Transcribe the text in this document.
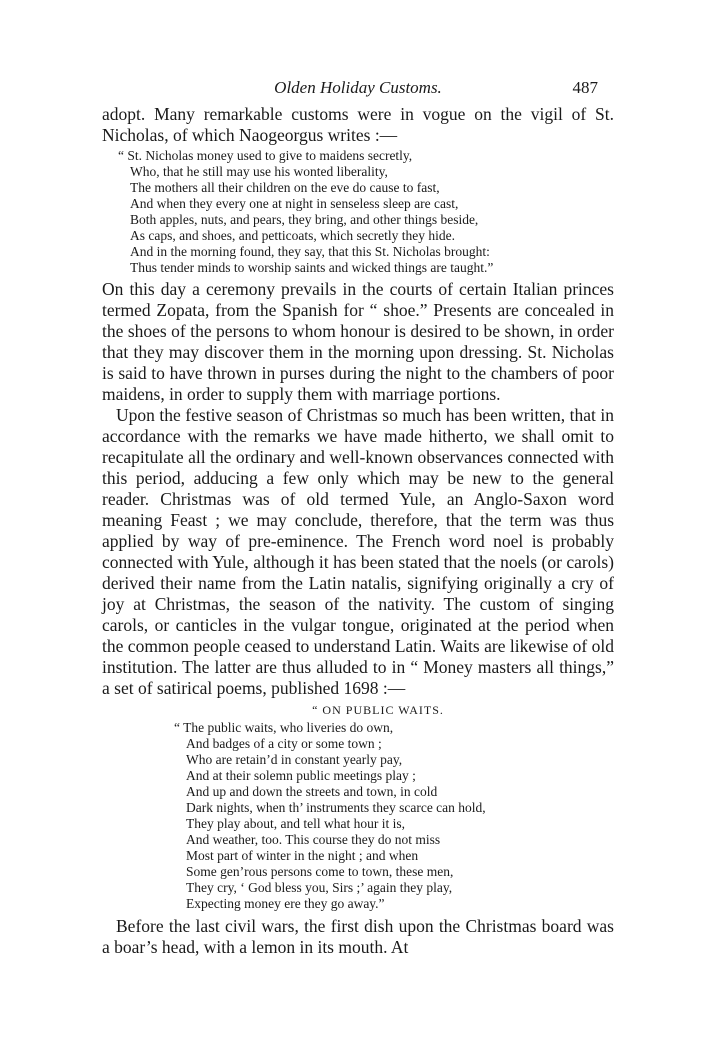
Olden Holiday Customs.	487

adopt. Many remarkable customs were in vogue on the vigil of St. Nicholas, of which Naogeorgus writes :—

“ St. Nicholas money used to give to maidens secretly,
Who, that he still may use his wonted liberality,
The mothers all their children on the eve do cause to fast,
And when they every one at night in senseless sleep are cast,
Both apples, nuts, and pears, they bring, and other things beside,
As caps, and shoes, and petticoats, which secretly they hide.
And in the morning found, they say, that this St. Nicholas brought:
Thus tender minds to worship saints and wicked things are taught.”

On this day a ceremony prevails in the courts of certain Italian princes termed Zopata, from the Spanish for “ shoe.” Presents are concealed in the shoes of the persons to whom honour is desired to be shown, in order that they may discover them in the morning upon dressing. St. Nicholas is said to have thrown in purses during the night to the chambers of poor maidens, in order to supply them with marriage portions.

Upon the festive season of Christmas so much has been written, that in accordance with the remarks we have made hitherto, we shall omit to recapitulate all the ordinary and well-known observances connected with this period, adducing a few only which may be new to the general reader. Christmas was of old termed Yule, an Anglo-Saxon word meaning Feast ; we may conclude, therefore, that the term was thus applied by way of pre-eminence. The French word noel is probably connected with Yule, although it has been stated that the noels (or carols) derived their name from the Latin natalis, signifying originally a cry of joy at Christmas, the season of the nativity. The custom of singing carols, or canticles in the vulgar tongue, originated at the period when the common people ceased to understand Latin. Waits are likewise of old institution. The latter are thus alluded to in “ Money masters all things,” a set of satirical poems, published 1698 :—

“ ON PUBLIC WAITS.
“ The public waits, who liveries do own,
And badges of a city or some town ;
Who are retain’d in constant yearly pay,
And at their solemn public meetings play ;
And up and down the streets and town, in cold
Dark nights, when th’ instruments they scarce can hold,
They play about, and tell what hour it is,
And weather, too. This course they do not miss
Most part of winter in the night ; and when
Some gen’rous persons come to town, these men,
They cry, ‘ God bless you, Sirs ;’ again they play,
Expecting money ere they go away.”

Before the last civil wars, the first dish upon the Christmas board was a boar’s head, with a lemon in its mouth. At
